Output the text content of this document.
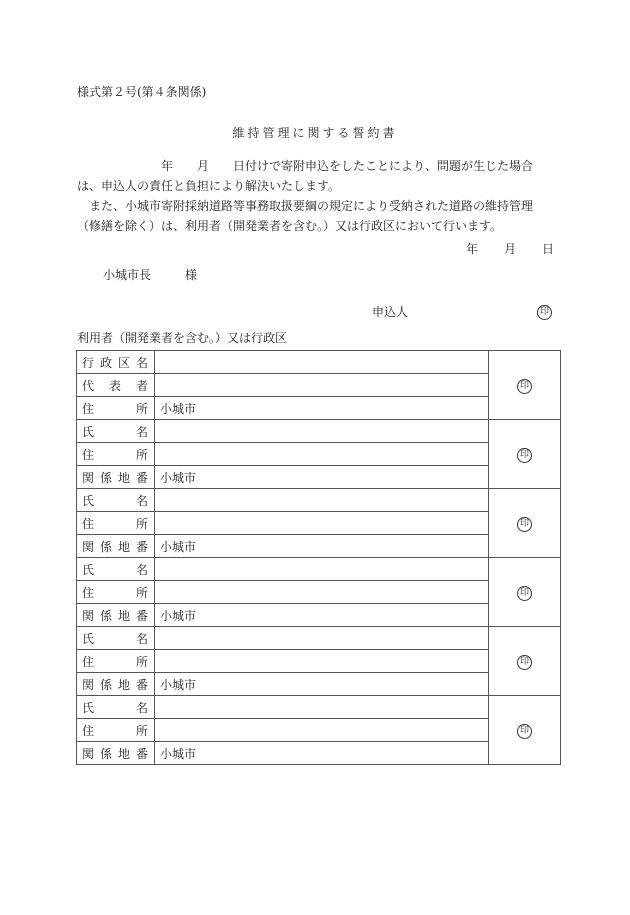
様式第２号(第４条関係)
維持管理に関する誓約書
　　　　　　　年　　月　　日付けで寄附申込をしたことにより、問題が生じた場合は、申込人の責任と負担により解決いたします。
　また、小城市寄附採納道路等事務取扱要綱の規定により受納された道路の維持管理（修繕を除く）は、利用者（開発業者を含む。）又は行政区において行います。
年 月 日
小城市長	様
申込人	印
利用者（開発業者を含む。）又は行政区
行 政 区 名		印

代 表 者		

住 所	小城市	

氏 名		印

住 所		

関 係 地 番	小城市	

氏 名		印

住 所		

関 係 地 番	小城市	

氏 名		印

住 所		

関 係 地 番	小城市	

氏 名		印

住 所		

関 係 地 番	小城市	

氏 名		印

住 所		

関 係 地 番	小城市	
